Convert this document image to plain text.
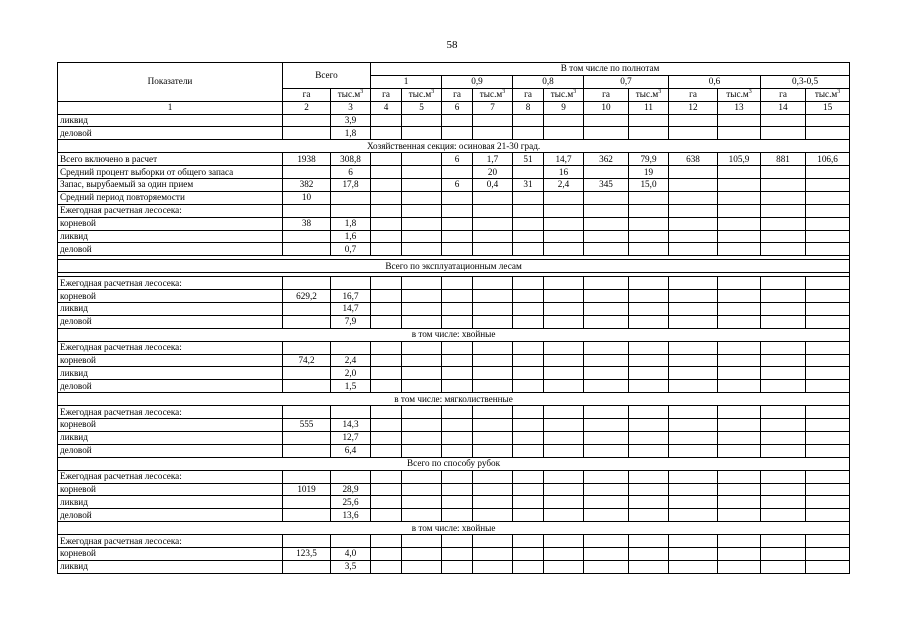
58
Показатели	Всего		В том числе по полнотам											
			1		0,9		0,8		0,7		0,6		0,3-0,5	
	га	$тыс.м^3$	га	$тыс.м^3$	га	$тыс.м^3$	га	$тыс.м^3$	га	$тыс.м^3$	га	$тыс.м^3$	га	$тыс.м^3$
1	2	3	4	5	6	7	8	9	10	11	12	13	14	15
ликвид		3,9												
деловой		1,8												
Хозяйственная секция: осиновая 21-30 град.														
Всего включено в расчет	1938	308,8			6	1,7	51	14,7	362	79,9	638	105,9	881	106,6
Средний процент выборки от общего запаса		6				20		16		19				
Запас, вырубаемый за один прием	382	17,8			6	0,4	31	2,4	345	15,0				
Средний период повторяемости	10													
Ежегодная расчетная лесосека:														
корневой	38	1,8												
ликвид		1,6												
деловой		0,7												

Всего по эксплуатационным лесам														

Ежегодная расчетная лесосека:														
корневой	629,2	16,7												
ликвид		14,7												
деловой		7,9												
в том числе: хвойные														
Ежегодная расчетная лесосека:														
корневой	74,2	2,4												
ликвид		2,0												
деловой		1,5												
в том числе: мягколиственные														
Ежегодная расчетная лесосека:														
корневой	555	14,3												
ликвид		12,7												
деловой		6,4												
Всего по способу рубок														
Ежегодная расчетная лесосека:														
корневой	1019	28,9												
ликвид		25,6												
деловой		13,6												
в том числе: хвойные														
Ежегодная расчетная лесосека:														
корневой	123,5	4,0												
ликвид		3,5												
